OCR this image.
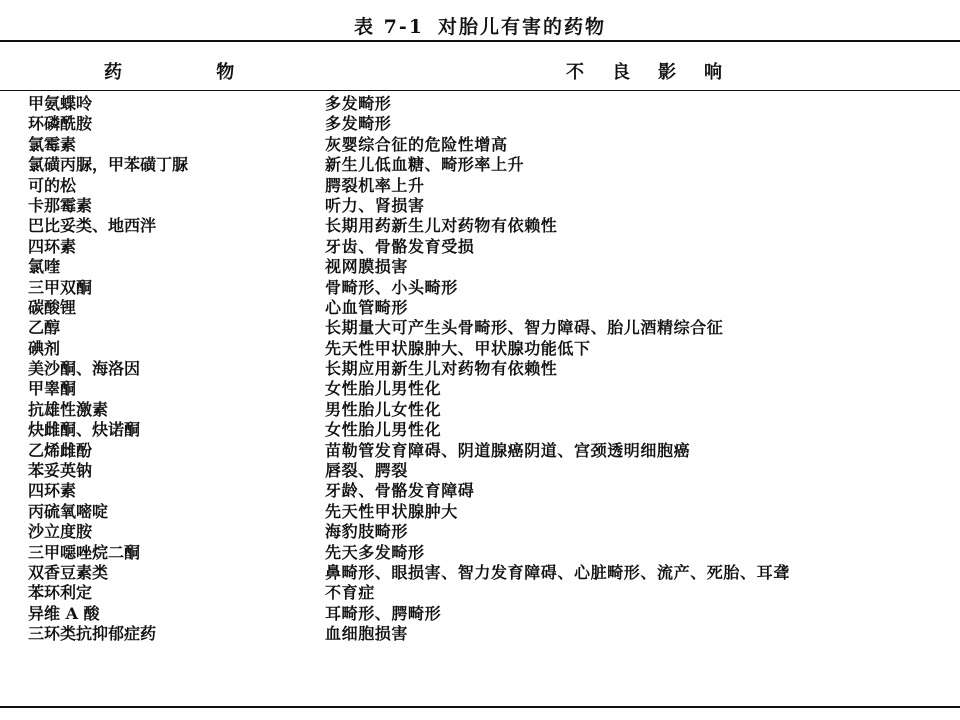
表 7-1 对胎儿有害的药物
药 物	不良影响
甲氨蝶呤	多发畸形
环磷酰胺	多发畸形
氯霉素	灰婴综合征的危险性增高
氯磺丙脲，甲苯磺丁脲	新生儿低血糖、畸形率上升
可的松	腭裂机率上升
卡那霉素	听力、肾损害
巴比妥类、地西泮	长期用药新生儿对药物有依赖性
四环素	牙齿、骨骼发育受损
氯喹	视网膜损害
三甲双酮	骨畸形、小头畸形
碳酸锂	心血管畸形
乙醇	长期量大可产生头骨畸形、智力障碍、胎儿酒精综合征
碘剂	先天性甲状腺肿大、甲状腺功能低下
美沙酮、海洛因	长期应用新生儿对药物有依赖性
甲睾酮	女性胎儿男性化
抗雄性激素	男性胎儿女性化
炔雌酮、炔诺酮	女性胎儿男性化
乙烯雌酚	苗勒管发育障碍、阴道腺癌阴道、宫颈透明细胞癌
苯妥英钠	唇裂、腭裂
四环素	牙龄、骨骼发育障碍
丙硫氧嘧啶	先天性甲状腺肿大
沙立度胺	海豹肢畸形
三甲噁唑烷二酮	先天多发畸形
双香豆素类	鼻畸形、眼损害、智力发育障碍、心脏畸形、流产、死胎、耳聋
苯环利定	不育症
异维 A 酸	耳畸形、腭畸形
三环类抗抑郁症药	血细胞损害
